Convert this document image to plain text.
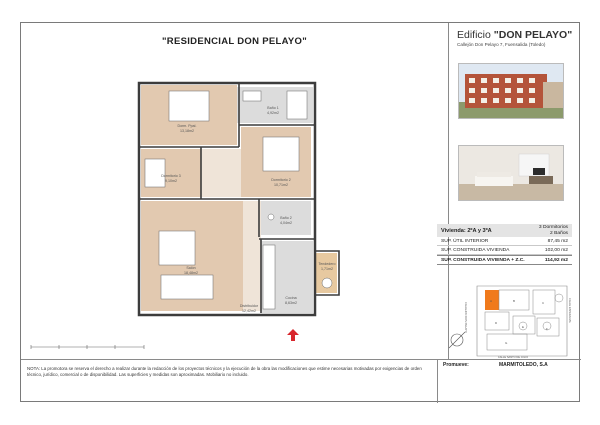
"RESIDENCIAL DON PELAYO"
Dorm. Ppal.
13,18m2
Baño 1
4,92m2
Dormitorio 3
9,10m2	Dormitorio 2
10,71m2
Baño 2
4,04m2
Salón
18,48m2
Cocina
8,63m2
Tendedero
1,71m2
Distribuidor
12,42m2
Edificio "DON PELAYO"
Callejón Don Pelayo 7, Fuensalida (Toledo)
Vivienda: 2ºA y 3ºA	3 Dormitorios
2 Baños
SUP. ÚTIL INTERIOR	87,45 m2
SUP. CONSTRUIDA VIVIENDA	102,00 m2
SUP. CONSTRUIDA VIVIENDA + Z.C.	114,92 m2
CALLEJON DON PELAYO	CALLE ESPERANZA
CALLE SANTO DE JULIO
A	B	C
D
E	F
G
NOTA: La promotora se reserva el derecho a realizar durante la redacción de los proyectos técnicos y la ejecución de la obra las modificaciones que estime necesarias motivadas por exigencias de orden técnico, jurídico, comercial o de disponibilidad. Las superficies y medidas son aproximadas. Mobiliario no incluido.
Promueve:	MARMITOLEDO, S.A
